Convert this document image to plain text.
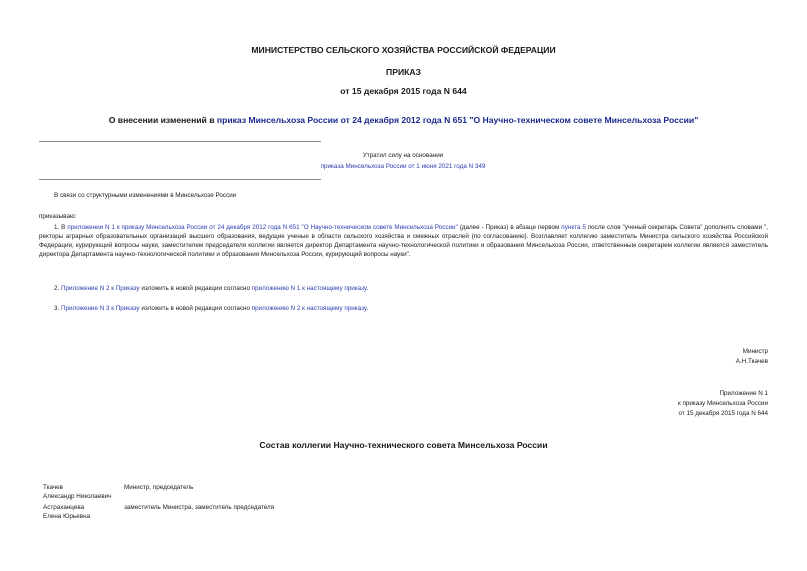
МИНИСТЕРСТВО СЕЛЬСКОГО ХОЗЯЙСТВА РОССИЙСКОЙ ФЕДЕРАЦИИ
ПРИКАЗ
от 15 декабря 2015 года N 644
О внесении изменений в приказ Минсельхоза России от 24 декабря 2012 года N 651 "О Научно-техническом совете Минсельхоза России"
Утратил силу на основании
приказа Минсельхоза России от 1 июня 2021 года N 349
В связи со структурными изменениями в Минсельхозе России
приказываю:
1. В приложении N 1 к приказу Минсельхоза России от 24 декабря 2012 года N 651 "О Научно-техническом совете Минсельхоза России" (далее - Приказ) в абзаце первом пункта 5 после слов "ученый секретарь Совета" дополнить словами ", ректоры аграрных образовательных организаций высшего образования, ведущие ученые в области сельского хозяйства и смежных отраслей (по согласованию). Возглавляет коллегию заместитель Министра сельского хозяйства Российской Федерации, курирующий вопросы науки, заместителем председателя коллегии является директор Департамента научно-технологической политики и образования Минсельхоза России, ответственным секретарем коллегии является заместитель директора Департамента научно-технологической политики и образования Минсельхоза России, курирующий вопросы науки".
2. Приложение N 2 к Приказу изложить в новой редакции согласно приложению N 1 к настоящему приказу.
3. Приложение N 3 к Приказу изложить в новой редакции согласно приложению N 2 к настоящему приказу.
Министр
А.Н.Ткачев
Приложение N 1
к приказу Минсельхоза России
от 15 декабря 2015 года N 644
Состав коллегии Научно-технического совета Минсельхоза России
Ткачев
Александр Николаевич
Министр, председатель
Астраханцева
Елена Юрьевна
заместитель Министра, заместитель председателя
